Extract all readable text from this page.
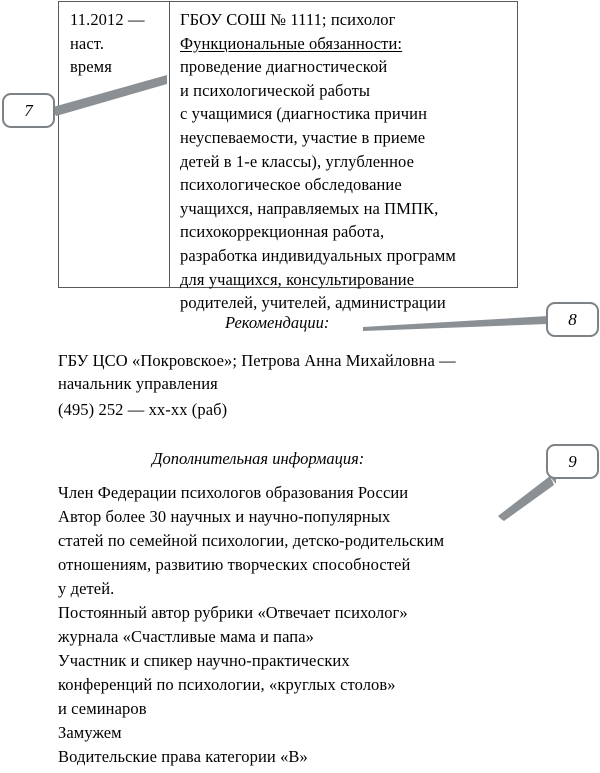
11.2012 —
наст.
время
ГБОУ СОШ № 1111; психолог
Функциональные обязанности:
проведение диагностической
и психологической работы
с учащимися (диагностика причин
неуспеваемости, участие в приеме
детей в 1-е классы), углубленное
психологическое обследование
учащихся, направляемых на ПМПК,
психокоррекционная работа,
разработка индивидуальных программ
для учащихся, консультирование
родителей, учителей, администрации
Рекомендации:
ГБУ ЦСО «Покровское»; Петрова Анна Михайловна —
начальник управления
(495) 252 — xx-xx (раб)
Дополнительная информация:
Член Федерации психологов образования России
Автор более 30 научных и научно-популярных
статей по семейной психологии, детско-родительским
отношениям, развитию творческих способностей
у детей.
Постоянный автор рубрики «Отвечает психолог»
журнала «Счастливые мама и папа»
Участник и спикер научно-практических
конференций по психологии, «круглых столов»
и семинаров
Замужем
Водительские права категории «В»
7
8
9
